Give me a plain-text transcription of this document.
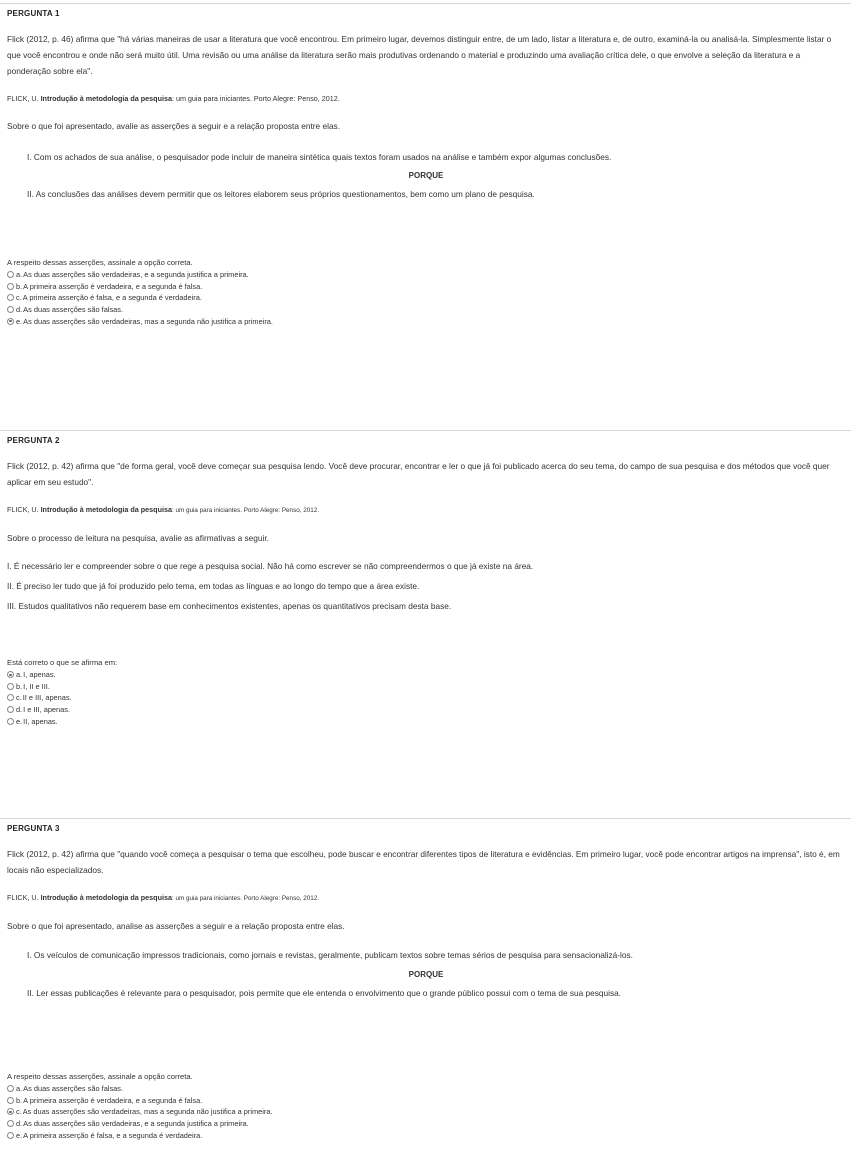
PERGUNTA 1

Flick (2012, p. 46) afirma que "há várias maneiras de usar a literatura que você encontrou. Em primeiro lugar, devemos distinguir entre, de um lado, listar a literatura e, de outro, examiná-la ou analisá-la. Simplesmente listar o que você encontrou e onde não será muito útil. Uma revisão ou uma análise da literatura serão mais produtivas ordenando o material e produzindo uma avaliação crítica dele, o que envolve a seleção da literatura e a ponderação sobre ela".

FLICK, U. Introdução à metodologia da pesquisa: um guia para iniciantes. Porto Alegre: Penso, 2012.

Sobre o que foi apresentado, avalie as asserções a seguir e a relação proposta entre elas.

I. Com os achados de sua análise, o pesquisador pode incluir de maneira sintética quais textos foram usados na análise e também expor algumas conclusões.

PORQUE

II. As conclusões das análises devem permitir que os leitores elaborem seus próprios questionamentos, bem como um plano de pesquisa.

A respeito dessas asserções, assinale a opção correta.
a. As duas asserções são verdadeiras, e a segunda justifica a primeira.
b. A primeira asserção é verdadeira, e a segunda é falsa.
c. A primeira asserção é falsa, e a segunda é verdadeira.
d. As duas asserções são falsas.
e. As duas asserções são verdadeiras, mas a segunda não justifica a primeira.
PERGUNTA 2

Flick (2012, p. 42) afirma que "de forma geral, você deve começar sua pesquisa lendo. Você deve procurar, encontrar e ler o que já foi publicado acerca do seu tema, do campo de sua pesquisa e dos métodos que você quer aplicar em seu estudo".

FLICK, U. Introdução à metodologia da pesquisa: um guia para iniciantes. Porto Alegre: Penso, 2012.

Sobre o processo de leitura na pesquisa, avalie as afirmativas a seguir.

I. É necessário ler e compreender sobre o que rege a pesquisa social. Não há como escrever se não compreendermos o que já existe na área.

II. É preciso ler tudo que já foi produzido pelo tema, em todas as línguas e ao longo do tempo que a área existe.

III. Estudos qualitativos não requerem base em conhecimentos existentes, apenas os quantitativos precisam desta base.

Está correto o que se afirma em:
a. I, apenas.
b. I, II e III.
c. II e III, apenas.
d. I e III, apenas.
e. II, apenas.
PERGUNTA 3

Flick (2012, p. 42) afirma que "quando você começa a pesquisar o tema que escolheu, pode buscar e encontrar diferentes tipos de literatura e evidências. Em primeiro lugar, você pode encontrar artigos na imprensa", isto é, em locais não especializados.

FLICK, U. Introdução à metodologia da pesquisa: um guia para iniciantes. Porto Alegre: Penso, 2012.

Sobre o que foi apresentado, analise as asserções a seguir e a relação proposta entre elas.

I. Os veículos de comunicação impressos tradicionais, como jornais e revistas, geralmente, publicam textos sobre temas sérios de pesquisa para sensacionalizá-los.

PORQUE

II. Ler essas publicações é relevante para o pesquisador, pois permite que ele entenda o envolvimento que o grande público possui com o tema de sua pesquisa.

A respeito dessas asserções, assinale a opção correta.
a. As duas asserções são falsas.
b. A primeira asserção é verdadeira, e a segunda é falsa.
c. As duas asserções são verdadeiras, mas a segunda não justifica a primeira.
d. As duas asserções são verdadeiras, e a segunda justifica a primeira.
e. A primeira asserção é falsa, e a segunda é verdadeira.
